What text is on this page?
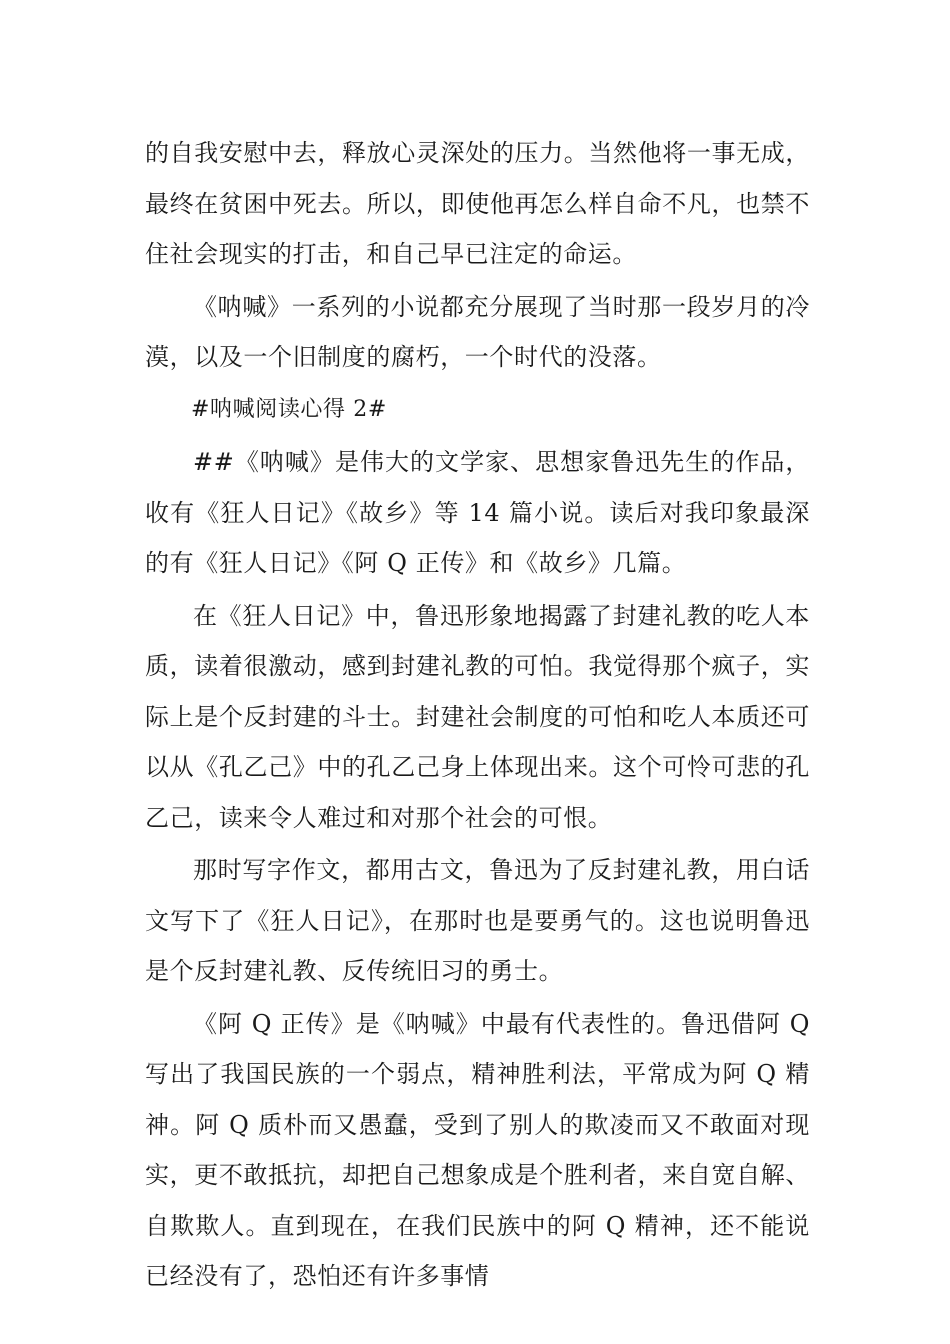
的自我安慰中去，释放心灵深处的压力。当然他将一事无成，最终在贫困中死去。所以，即使他再怎么样自命不凡，也禁不住社会现实的打击，和自己早已注定的命运。

《呐喊》一系列的小说都充分展现了当时那一段岁月的冷漠，以及一个旧制度的腐朽，一个时代的没落。

#呐喊阅读心得 2#

##《呐喊》是伟大的文学家、思想家鲁迅先生的作品，收有《狂人日记》《故乡》等 14 篇小说。读后对我印象最深的有《狂人日记》《阿 Q 正传》和《故乡》几篇。

在《狂人日记》中，鲁迅形象地揭露了封建礼教的吃人本质，读着很激动，感到封建礼教的可怕。我觉得那个疯子，实际上是个反封建的斗士。封建社会制度的可怕和吃人本质还可以从《孔乙己》中的孔乙己身上体现出来。这个可怜可悲的孔乙己，读来令人难过和对那个社会的可恨。

那时写字作文，都用古文，鲁迅为了反封建礼教，用白话文写下了《狂人日记》，在那时也是要勇气的。这也说明鲁迅是个反封建礼教、反传统旧习的勇士。

《阿 Q 正传》是《呐喊》中最有代表性的。鲁迅借阿 Q 写出了我国民族的一个弱点，精神胜利法，平常成为阿 Q 精神。阿 Q 质朴而又愚蠢，受到了别人的欺凌而又不敢面对现实，更不敢抵抗，却把自己想象成是个胜利者，来自宽自解、自欺欺人。直到现在，在我们民族中的阿 Q 精神，还不能说已经没有了，恐怕还有许多事情
